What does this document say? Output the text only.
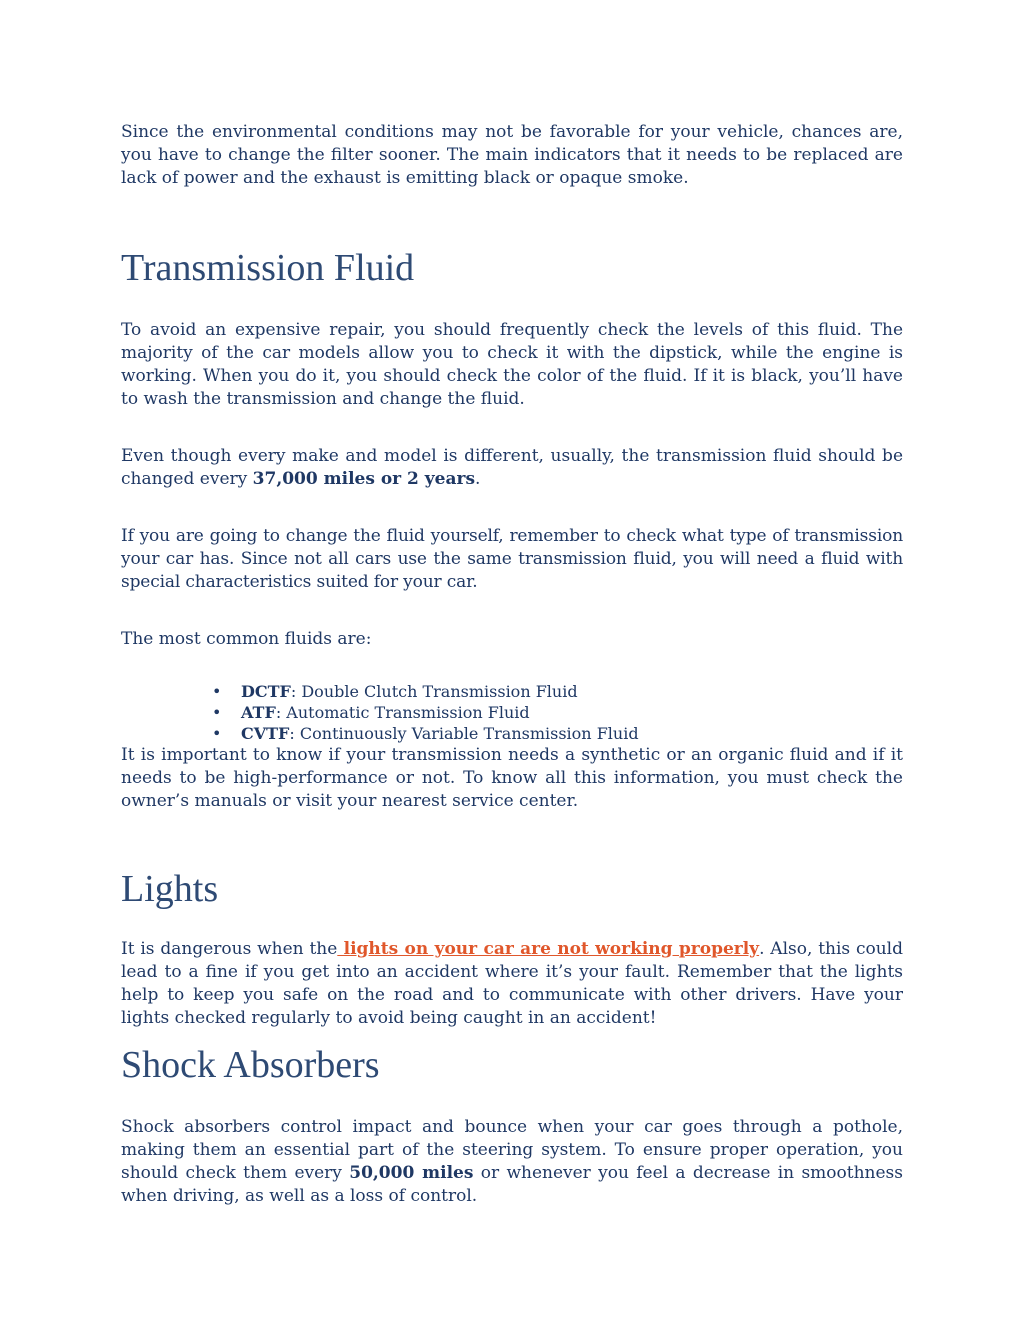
Since the environmental conditions may not be favorable for your vehicle, chances are, you have to change the filter sooner. The main indicators that it needs to be replaced are lack of power and the exhaust is emitting black or opaque smoke.

Transmission Fluid

To avoid an expensive repair, you should frequently check the levels of this fluid. The majority of the car models allow you to check it with the dipstick, while the engine is working. When you do it, you should check the color of the fluid. If it is black, you’ll have to wash the transmission and change the fluid.

Even though every make and model is different, usually, the transmission fluid should be changed every 37,000 miles or 2 years.

If you are going to change the fluid yourself, remember to check what type of transmission your car has. Since not all cars use the same transmission fluid, you will need a fluid with special characteristics suited for your car.

The most common fluids are:

• DCTF: Double Clutch Transmission Fluid
• ATF: Automatic Transmission Fluid
• CVTF: Continuously Variable Transmission Fluid

It is important to know if your transmission needs a synthetic or an organic fluid and if it needs to be high-performance or not. To know all this information, you must check the owner’s manuals or visit your nearest service center.

Lights

It is dangerous when the lights on your car are not working properly. Also, this could lead to a fine if you get into an accident where it’s your fault. Remember that the lights help to keep you safe on the road and to communicate with other drivers. Have your lights checked regularly to avoid being caught in an accident!

Shock Absorbers

Shock absorbers control impact and bounce when your car goes through a pothole, making them an essential part of the steering system. To ensure proper operation, you should check them every 50,000 miles or whenever you feel a decrease in smoothness when driving, as well as a loss of control.
